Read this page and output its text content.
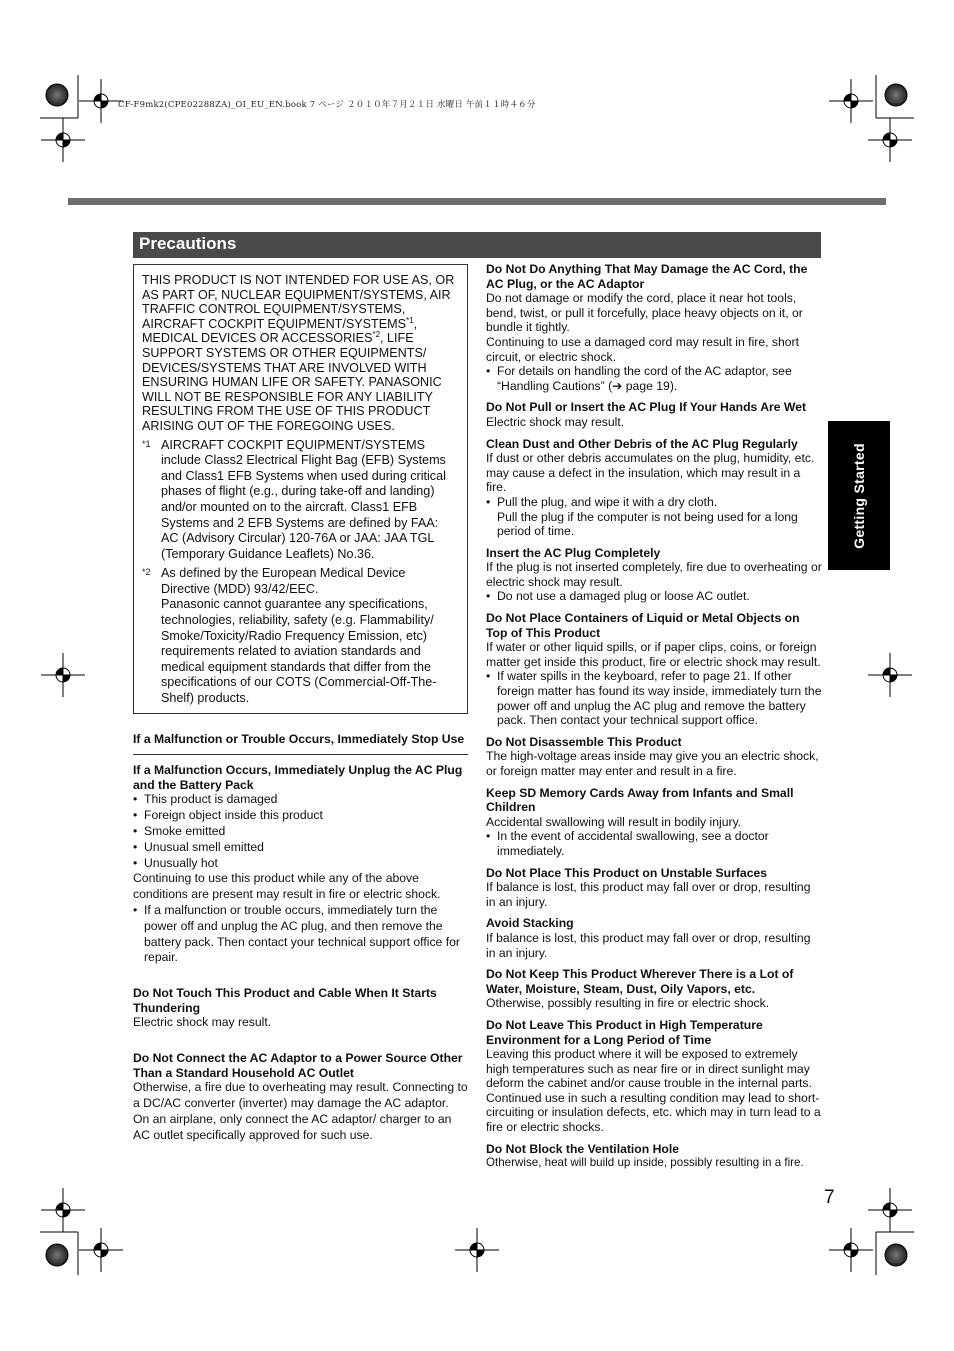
CF-F9mk2(CPE02288ZA)_OI_EU_EN.book 7 ページ ２０１０年７月２１日 水曜日 午前１１時４６分
Precautions
Getting Started
7

THIS PRODUCT IS NOT INTENDED FOR USE AS, OR AS PART OF, NUCLEAR EQUIPMENT/SYSTEMS, AIR TRAFFIC CONTROL EQUIPMENT/SYSTEMS, AIRCRAFT COCKPIT EQUIPMENT/SYSTEMS$^{*1}$, MEDICAL DEVICES OR ACCESSORIES$^{*2}$, LIFE SUPPORT SYSTEMS OR OTHER EQUIPMENTS/ DEVICES/SYSTEMS THAT ARE INVOLVED WITH ENSURING HUMAN LIFE OR SAFETY. PANASONIC WILL NOT BE RESPONSIBLE FOR ANY LIABILITY RESULTING FROM THE USE OF THIS PRODUCT ARISING OUT OF THE FOREGOING USES.

*1 AIRCRAFT COCKPIT EQUIPMENT/SYSTEMS include Class2 Electrical Flight Bag (EFB) Systems and Class1 EFB Systems when used during critical phases of flight (e.g., during take-off and landing) and/or mounted on to the aircraft. Class1 EFB Systems and 2 EFB Systems are defined by FAA: AC (Advisory Circular) 120-76A or JAA: JAA TGL (Temporary Guidance Leaflets) No.36.

*2 As defined by the European Medical Device Directive (MDD) 93/42/EEC.

Panasonic cannot guarantee any specifications, technologies, reliability, safety (e.g. Flammability/ Smoke/Toxicity/Radio Frequency Emission, etc) requirements related to aviation standards and medical equipment standards that differ from the specifications of our COTS (Commercial-Off-The-Shelf) products.

If a Malfunction or Trouble Occurs, Immediately Stop Use
If a Malfunction Occurs, Immediately Unplug the AC Plug and the Battery Pack
• This product is damaged
• Foreign object inside this product
• Smoke emitted
• Unusual smell emitted
• Unusually hot

Continuing to use this product while any of the above conditions are present may result in fire or electric shock.

• If a malfunction or trouble occurs, immediately turn the power off and unplug the AC plug, and then remove the battery pack. Then contact your technical support office for repair.
Do Not Touch This Product and Cable When It Starts Thundering

Electric shock may result.

Do Not Connect the AC Adaptor to a Power Source Other Than a Standard Household AC Outlet

Otherwise, a fire due to overheating may result. Connecting to a DC/AC converter (inverter) may damage the AC adaptor. On an airplane, only connect the AC adaptor/ charger to an AC outlet specifically approved for such use.

Do Not Do Anything That May Damage the AC Cord, the AC Plug, or the AC Adaptor

Do not damage or modify the cord, place it near hot tools, bend, twist, or pull it forcefully, place heavy objects on it, or bundle it tightly.

Continuing to use a damaged cord may result in fire, short circuit, or electric shock.

• For details on handling the cord of the AC adaptor, see “Handling Cautions” (➔ page 19).
Do Not Pull or Insert the AC Plug If Your Hands Are Wet

Electric shock may result.

Clean Dust and Other Debris of the AC Plug Regularly

If dust or other debris accumulates on the plug, humidity, etc. may cause a defect in the insulation, which may result in a fire.

• Pull the plug, and wipe it with a dry cloth.
Pull the plug if the computer is not being used for a long period of time.
Insert the AC Plug Completely

If the plug is not inserted completely, fire due to overheating or electric shock may result.

• Do not use a damaged plug or loose AC outlet.
Do Not Place Containers of Liquid or Metal Objects on Top of This Product

If water or other liquid spills, or if paper clips, coins, or foreign matter get inside this product, fire or electric shock may result.

• If water spills in the keyboard, refer to page 21. If other foreign matter has found its way inside, immediately turn the power off and unplug the AC plug and remove the battery pack. Then contact your technical support office.
Do Not Disassemble This Product

The high-voltage areas inside may give you an electric shock, or foreign matter may enter and result in a fire.

Keep SD Memory Cards Away from Infants and Small Children

Accidental swallowing will result in bodily injury.

• In the event of accidental swallowing, see a doctor immediately.
Do Not Place This Product on Unstable Surfaces

If balance is lost, this product may fall over or drop, resulting in an injury.

Avoid Stacking

If balance is lost, this product may fall over or drop, resulting in an injury.

Do Not Keep This Product Wherever There is a Lot of Water, Moisture, Steam, Dust, Oily Vapors, etc.

Otherwise, possibly resulting in fire or electric shock.

Do Not Leave This Product in High Temperature Environment for a Long Period of Time

Leaving this product where it will be exposed to extremely high temperatures such as near fire or in direct sunlight may deform the cabinet and/or cause trouble in the internal parts. Continued use in such a resulting condition may lead to short-circuiting or insulation defects, etc. which may in turn lead to a fire or electric shocks.

Do Not Block the Ventilation Hole

Otherwise, heat will build up inside, possibly resulting in a fire.
